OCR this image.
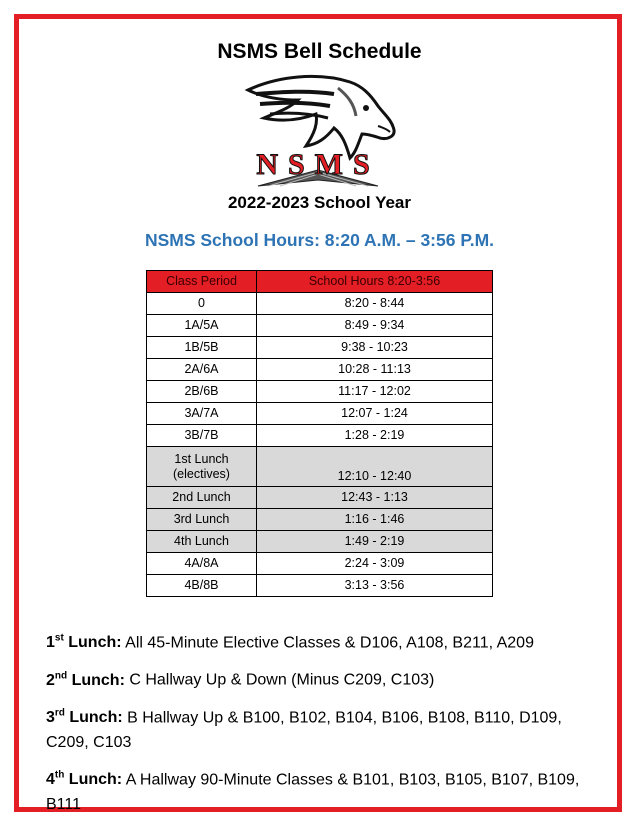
NSMS Bell Schedule
NSMS
2022-2023 School Year
NSMS School Hours: 8:20 A.M. – 3:56 P.M.
Class Period	School Hours 8:20-3:56
0	8:20 - 8:44
1A/5A	8:49 - 9:34
1B/5B	9:38 - 10:23
2A/6A	10:28 - 11:13
2B/6B	11:17 - 12:02
3A/7A	12:07 - 1:24
3B/7B	1:28 - 2:19

1st Lunch
(electives)	12:10 - 12:40
2nd Lunch	12:43 - 1:13
3rd Lunch	1:16 - 1:46
4th Lunch	1:49 - 2:19
4A/8A	2:24 - 3:09
4B/8B	3:13 - 3:56

1st Lunch: All 45-Minute Elective Classes & D106, A108, B211, A209

2nd Lunch: C Hallway Up & Down (Minus C209, C103)

3rd Lunch: B Hallway Up & B100, B102, B104, B106, B108, B110, D109, C209, C103

4th Lunch: A Hallway 90-Minute Classes & B101, B103, B105, B107, B109, B111
